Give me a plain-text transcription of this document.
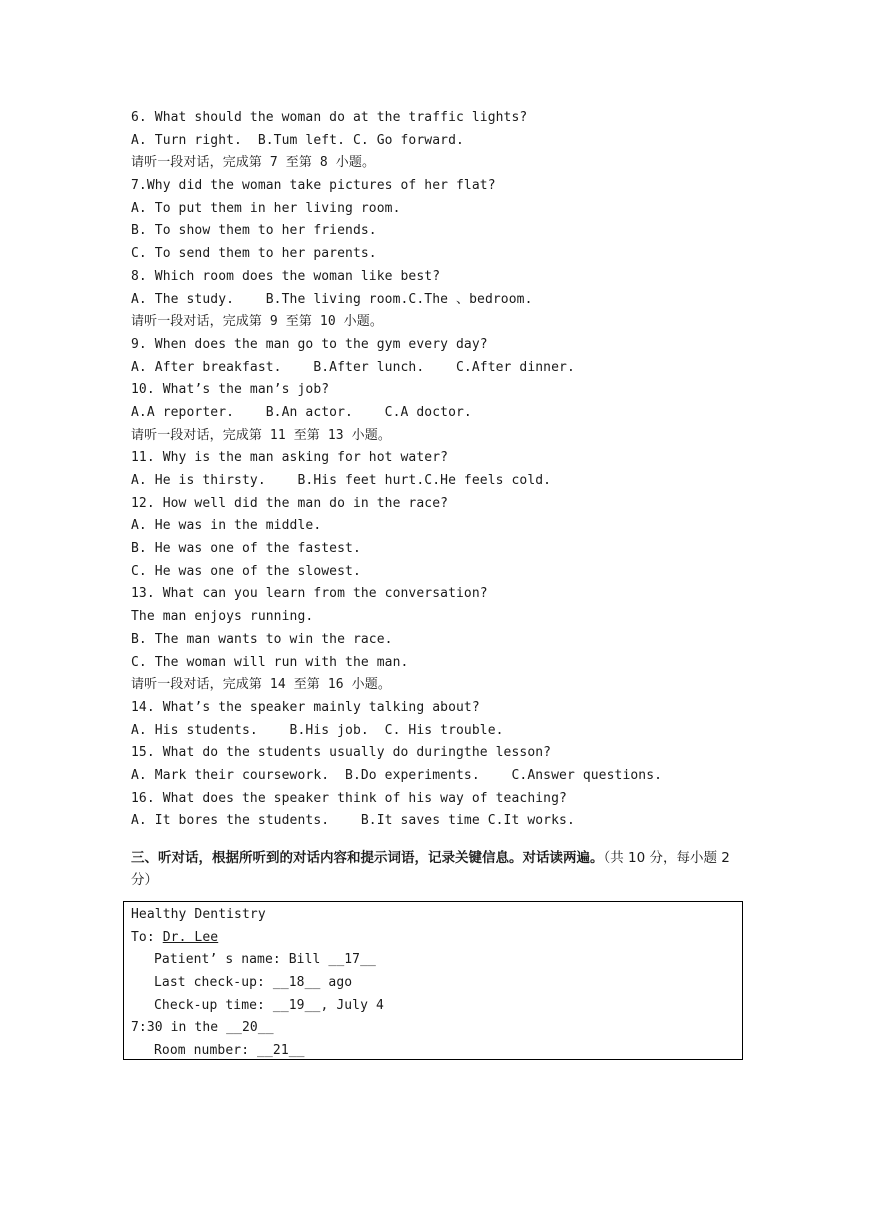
6. What should the woman do at the traffic lights?
A. Turn right.  B.Tum left. C. Go forward.
请听一段对话，完成第 7 至第 8 小题。
7.Why did the woman take pictures of her flat?
A. To put them in her living room.
B. To show them to her friends.
C. To send them to her parents.
8. Which room does the woman like best?
A. The study.    B.The living room.C.The 、bedroom.
请听一段对话，完成第 9 至第 10 小题。
9. When does the man go to the gym every day?
A. After breakfast.    B.After lunch.    C.After dinner.
10. What’s the man’s job?
A.A reporter.    B.An actor.    C.A doctor.
请听一段对话，完成第 11 至第 13 小题。
11. Why is the man asking for hot water?
A. He is thirsty.    B.His feet hurt.C.He feels cold.
12. How well did the man do in the race?
A. He was in the middle.
B. He was one of the fastest.
C. He was one of the slowest.
13. What can you learn from the conversation?
The man enjoys running.
B. The man wants to win the race.
C. The woman will run with the man.
请听一段对话，完成第 14 至第 16 小题。
14. What’s the speaker mainly talking about?
A. His students.    B.His job.  C. His trouble.
15. What do the students usually do duringthe lesson?
A. Mark their coursework.  B.Do experiments.    C.Answer questions.
16. What does the speaker think of his way of teaching?
A. It bores the students.    B.It saves time C.It works.
三、听对话，根据所听到的对话内容和提示词语，记录关键信息。对话读两遍。（共 10 分，每小题 2 分）
Healthy Dentistry
To: Dr. Lee
Patient’ s name: Bill __17__
Last check-up: __18__ ago
Check-up time: __19__, July 4
7:30 in the __20__
Room number: __21__
